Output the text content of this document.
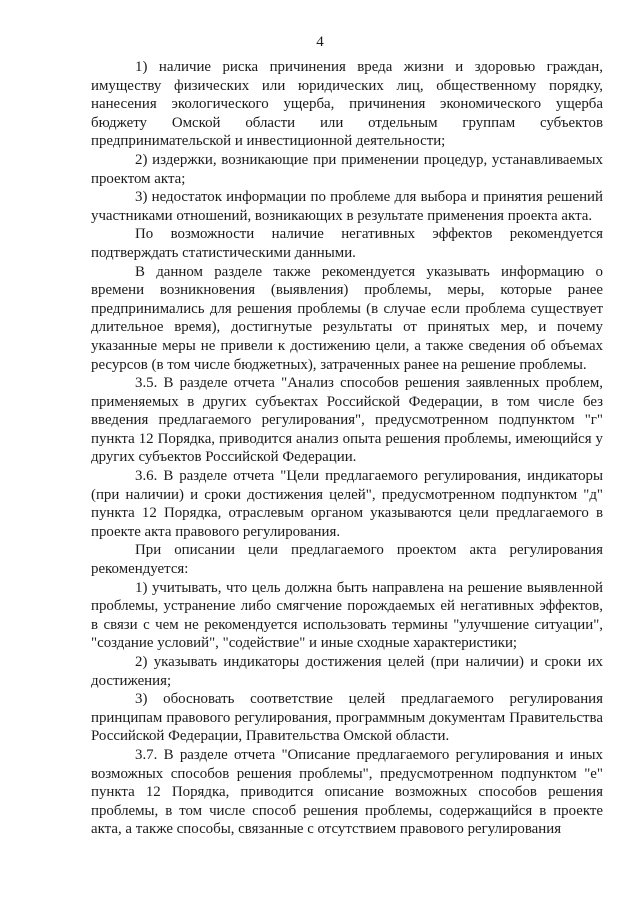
4

1) наличие риска причинения вреда жизни и здоровью граждан, имуществу физических или юридических лиц, общественному порядку, нанесения экологического ущерба, причинения экономического ущерба бюджету Омской области или отдельным группам субъектов предпринимательской и инвестиционной деятельности;

2) издержки, возникающие при применении процедур, устанавливаемых проектом акта;

3) недостаток информации по проблеме для выбора и принятия решений участниками отношений, возникающих в результате применения проекта акта.

По возможности наличие негативных эффектов рекомендуется подтверждать статистическими данными.

В данном разделе также рекомендуется указывать информацию о времени возникновения (выявления) проблемы, меры, которые ранее предпринимались для решения проблемы (в случае если проблема существует длительное время), достигнутые результаты от принятых мер, и почему указанные меры не привели к достижению цели, а также сведения об объемах ресурсов (в том числе бюджетных), затраченных ранее на решение проблемы.

3.5. В разделе отчета "Анализ способов решения заявленных проблем, применяемых в других субъектах Российской Федерации, в том числе без введения предлагаемого регулирования", предусмотренном подпунктом "г" пункта 12 Порядка, приводится анализ опыта решения проблемы, имеющийся у других субъектов Российской Федерации.

3.6. В разделе отчета "Цели предлагаемого регулирования, индикаторы (при наличии) и сроки достижения целей", предусмотренном подпунктом "д" пункта 12 Порядка, отраслевым органом указываются цели предлагаемого в проекте акта правового регулирования.

При описании цели предлагаемого проектом акта регулирования рекомендуется:

1) учитывать, что цель должна быть направлена на решение выявленной проблемы, устранение либо смягчение порождаемых ей негативных эффектов, в связи с чем не рекомендуется использовать термины "улучшение ситуации", "создание условий", "содействие" и иные сходные характеристики;

2) указывать индикаторы достижения целей (при наличии) и сроки их достижения;

3) обосновать соответствие целей предлагаемого регулирования принципам правового регулирования, программным документам Правительства Российской Федерации, Правительства Омской области.

3.7. В разделе отчета "Описание предлагаемого регулирования и иных возможных способов решения проблемы", предусмотренном подпунктом "е" пункта 12 Порядка, приводится описание возможных способов решения проблемы, в том числе способ решения проблемы, содержащийся в проекте акта, а также способы, связанные с отсутствием правового регулирования
